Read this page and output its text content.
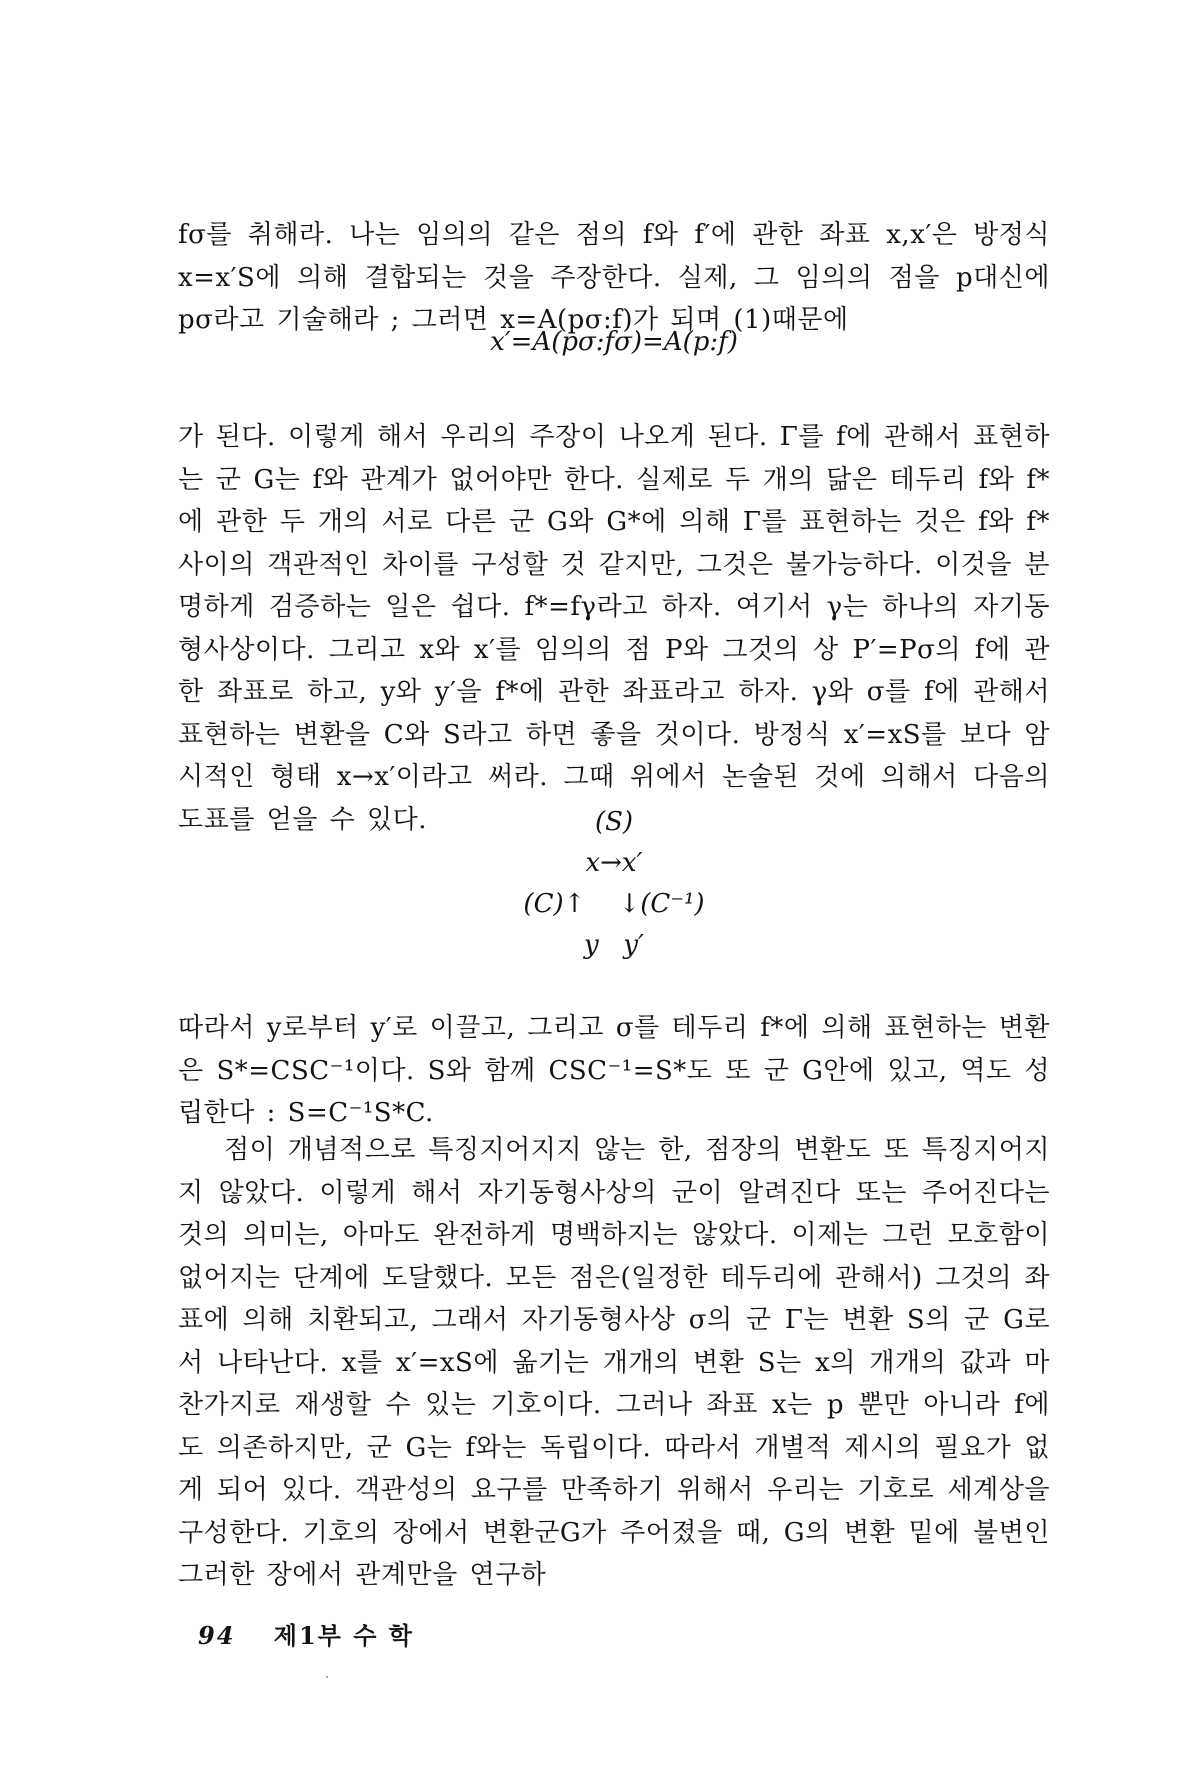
fσ를 취해라. 나는 임의의 같은 점의 f와 f′에 관한 좌표 x,x′은 방정식 x=x′S에 의해 결합되는 것을 주장한다. 실제, 그 임의의 점을 p대신에 pσ라고 기술해라 ; 그러면 x=A(pσ:f)가 되며 (1)때문에

x′=A(pσ:fσ)=A(p:f)

가 된다. 이렇게 해서 우리의 주장이 나오게 된다. Γ를 f에 관해서 표현하는 군 G는 f와 관계가 없어야만 한다. 실제로 두 개의 닮은 테두리 f와 f*에 관한 두 개의 서로 다른 군 G와 G*에 의해 Γ를 표현하는 것은 f와 f*사이의 객관적인 차이를 구성할 것 같지만, 그것은 불가능하다. 이것을 분명하게 검증하는 일은 쉽다. f*=fγ라고 하자. 여기서 γ는 하나의 자기동형사상이다. 그리고 x와 x′를 임의의 점 P와 그것의 상 P′=Pσ의 f에 관한 좌표로 하고, y와 y′을 f*에 관한 좌표라고 하자. γ와 σ를 f에 관해서 표현하는 변환을 C와 S라고 하면 좋을 것이다. 방정식 x′=xS를 보다 암시적인 형태 x→x′이라고 써라. 그때 위에서 논술된 것에 의해서 다음의 도표를 얻을 수 있다.	(S)
x→x′
(C)↑    ↓(C⁻¹)
y   y′

따라서 y로부터 y′로 이끌고, 그리고 σ를 테두리 f*에 의해 표현하는 변환은 S*=CSC⁻¹이다. S와 함께 CSC⁻¹=S*도 또 군 G안에 있고, 역도 성립한다 : S=C⁻¹S*C.

점이 개념적으로 특징지어지지 않는 한, 점장의 변환도 또 특징지어지지 않았다. 이렇게 해서 자기동형사상의 군이 알려진다 또는 주어진다는 것의 의미는, 아마도 완전하게 명백하지는 않았다. 이제는 그런 모호함이 없어지는 단계에 도달했다. 모든 점은(일정한 테두리에 관해서) 그것의 좌표에 의해 치환되고, 그래서 자기동형사상 σ의 군 Γ는 변환 S의 군 G로서 나타난다. x를 x′=xS에 옮기는 개개의 변환 S는 x의 개개의 값과 마찬가지로 재생할 수 있는 기호이다. 그러나 좌표 x는 p 뿐만 아니라 f에도 의존하지만, 군 G는 f와는 독립이다. 따라서 개별적 제시의 필요가 없게 되어 있다. 객관성의 요구를 만족하기 위해서 우리는 기호로 세계상을 구성한다. 기호의 장에서 변환군G가 주어졌을 때, G의 변환 밑에 불변인 그러한 장에서 관계만을 연구하

94 제1부 수 학
